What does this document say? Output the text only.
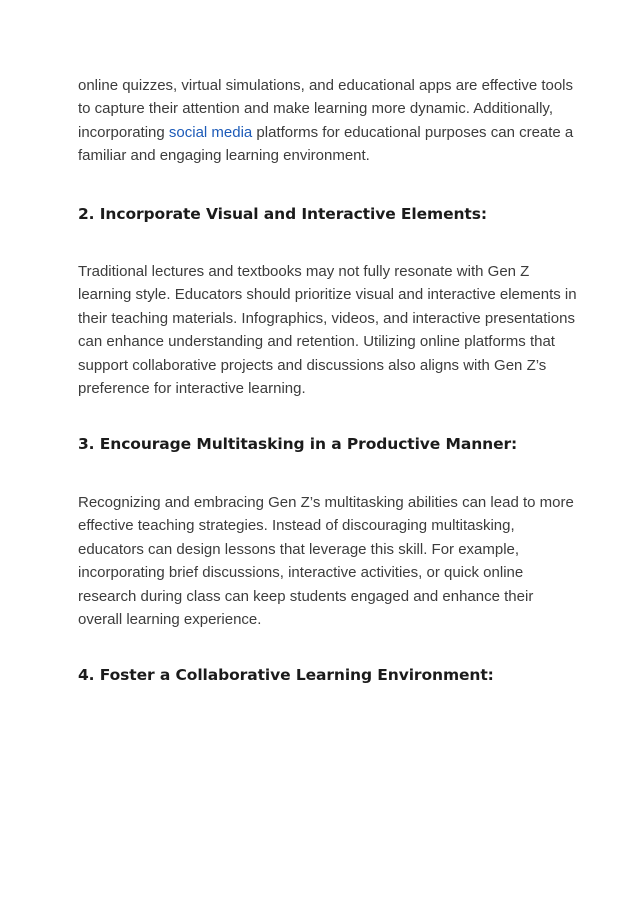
online quizzes, virtual simulations, and educational apps are effective tools to capture their attention and make learning more dynamic. Additionally, incorporating social media platforms for educational purposes can create a familiar and engaging learning environment.

2. Incorporate Visual and Interactive Elements:

Traditional lectures and textbooks may not fully resonate with Gen Z learning style. Educators should prioritize visual and interactive elements in their teaching materials. Infographics, videos, and interactive presentations can enhance understanding and retention. Utilizing online platforms that support collaborative projects and discussions also aligns with Gen Z’s preference for interactive learning.

3. Encourage Multitasking in a Productive Manner:

Recognizing and embracing Gen Z’s multitasking abilities can lead to more effective teaching strategies. Instead of discouraging multitasking, educators can design lessons that leverage this skill. For example, incorporating brief discussions, interactive activities, or quick online research during class can keep students engaged and enhance their overall learning experience.

4. Foster a Collaborative Learning Environment:
